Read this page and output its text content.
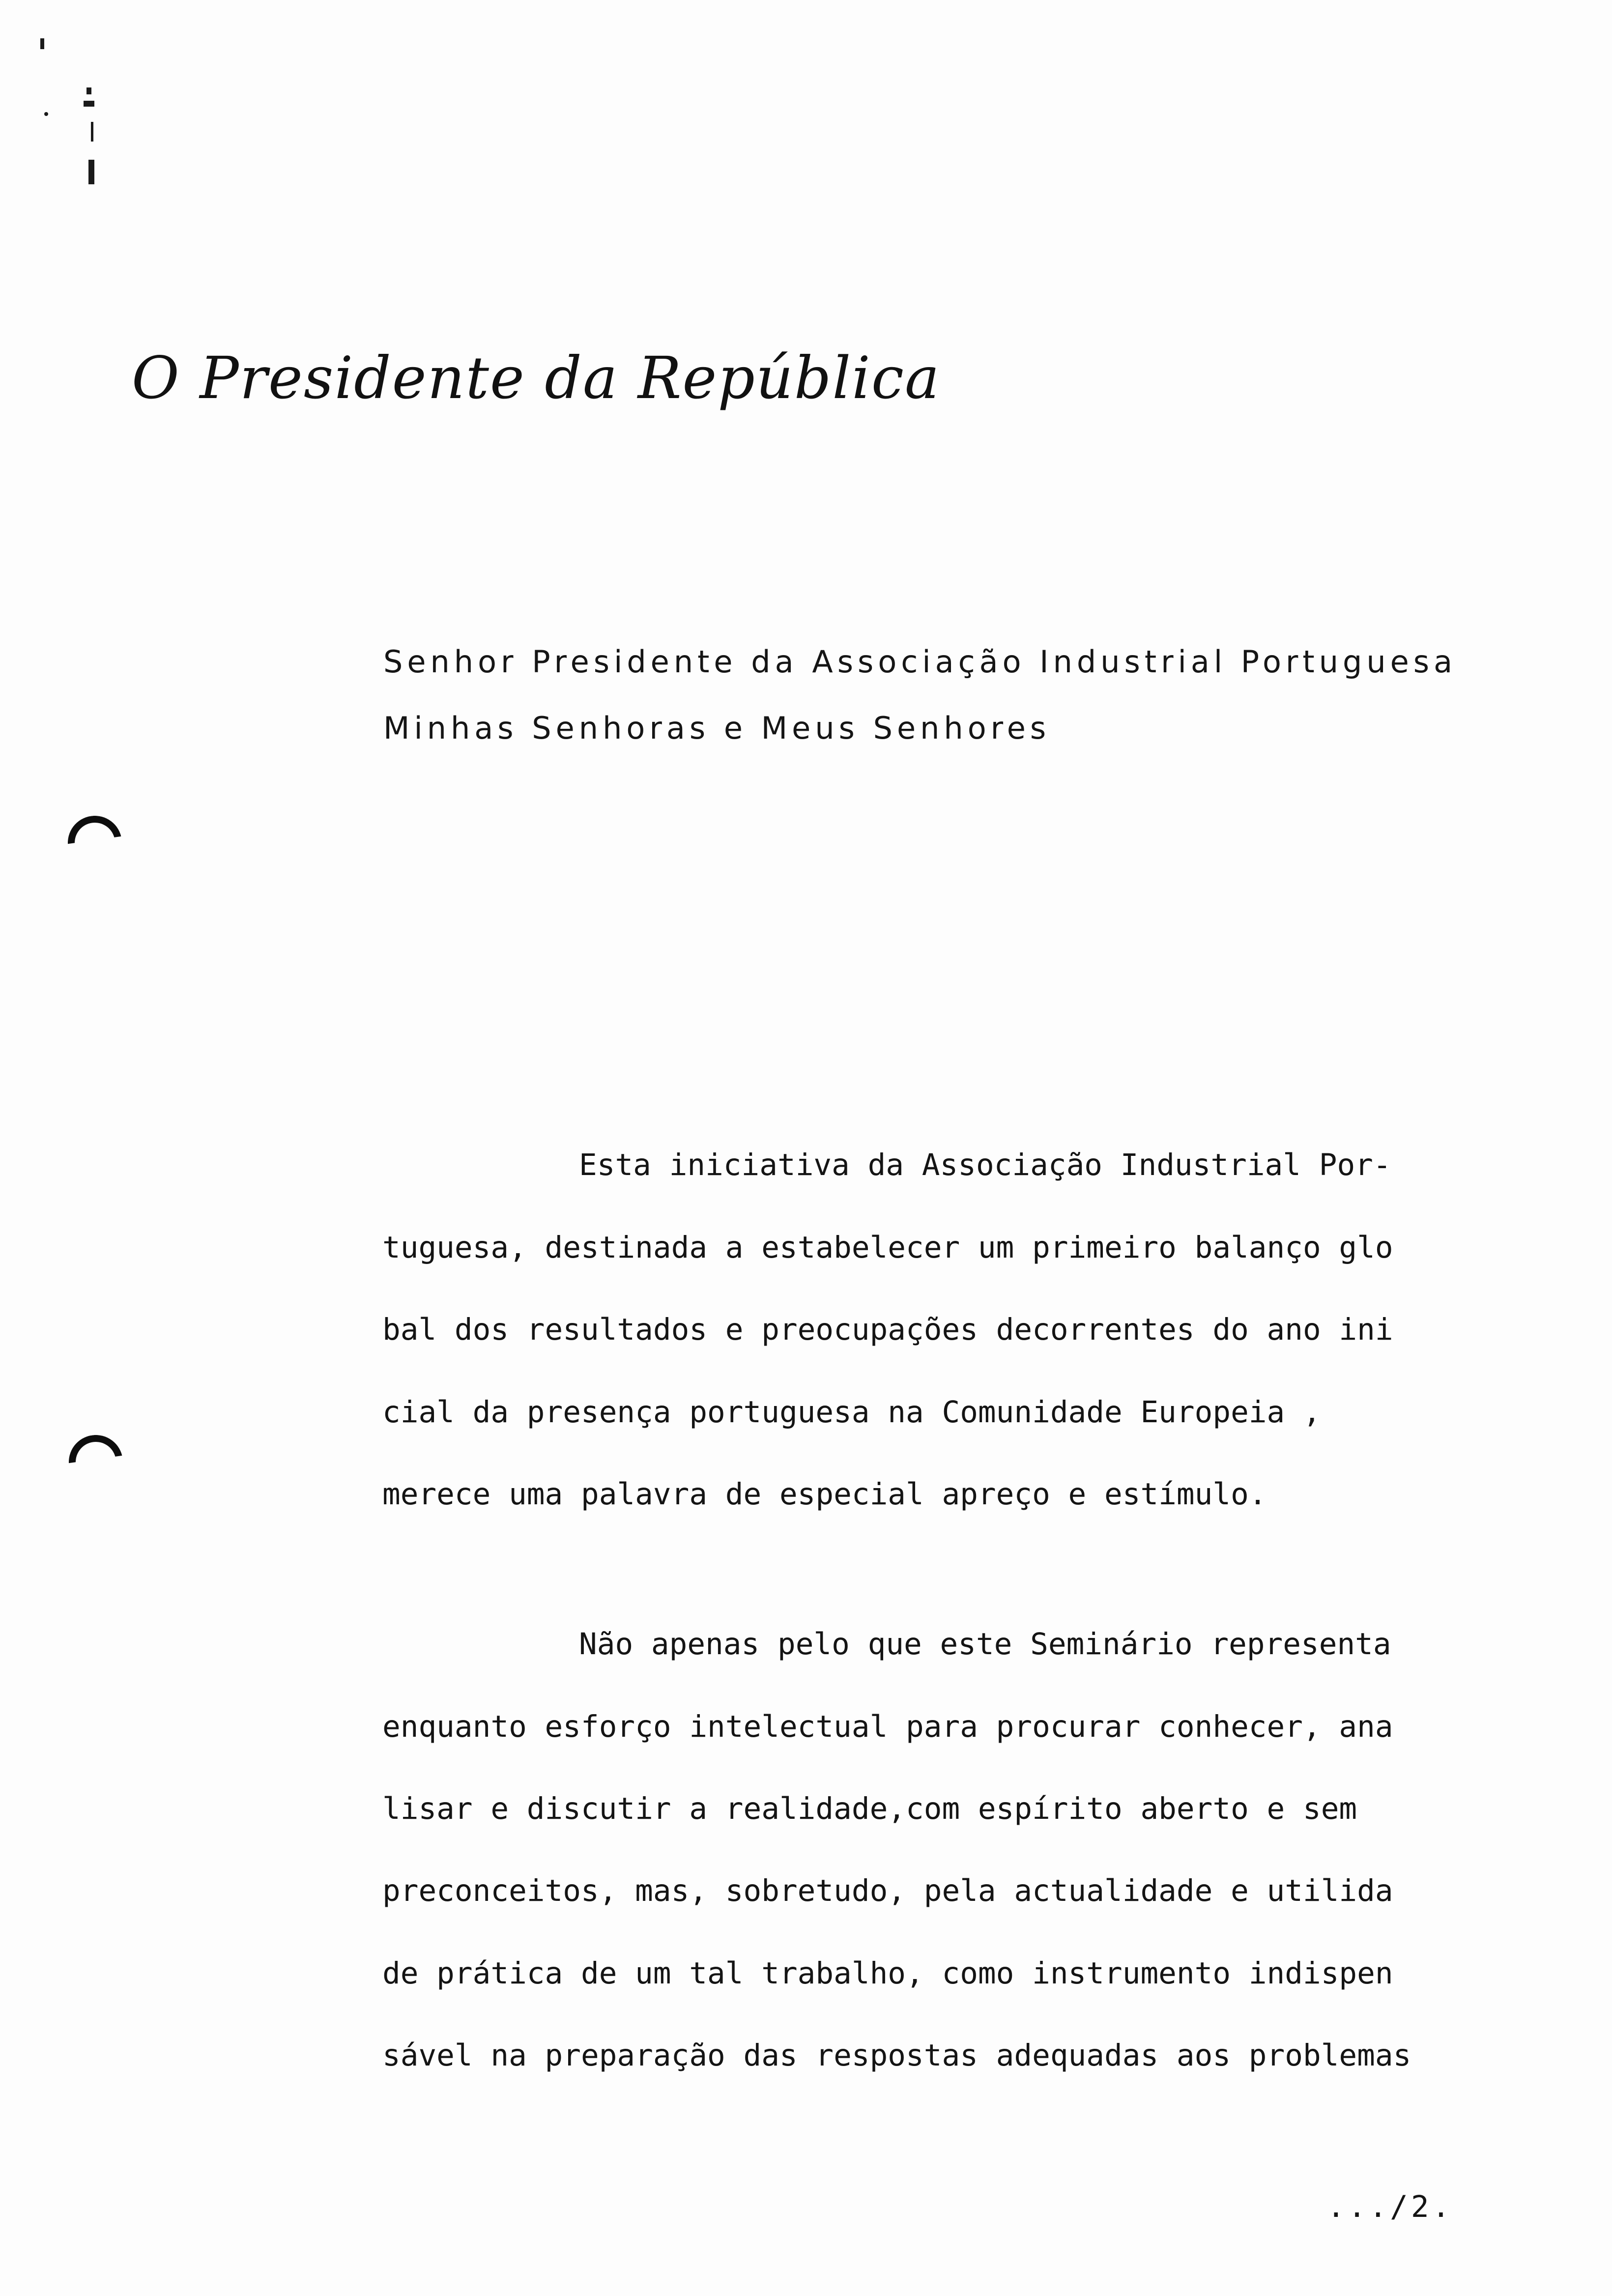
O Presidente da República
Senhor Presidente da Associação Industrial Portuguesa
Minhas Senhoras e Meus Senhores
Esta iniciativa da Associação Industrial Por-
tuguesa, destinada a estabelecer um primeiro balanço glo
bal dos resultados e preocupações decorrentes do ano ini
cial da presença portuguesa na Comunidade Europeia ,
merece uma palavra de especial apreço e estímulo.
Não apenas pelo que este Seminário representa
enquanto esforço intelectual para procurar conhecer, ana
lisar e discutir a realidade,com espírito aberto e sem
preconceitos, mas, sobretudo, pela actualidade e utilida
de prática de um tal trabalho, como instrumento indispen
sável na preparação das respostas adequadas aos problemas
.../2.
